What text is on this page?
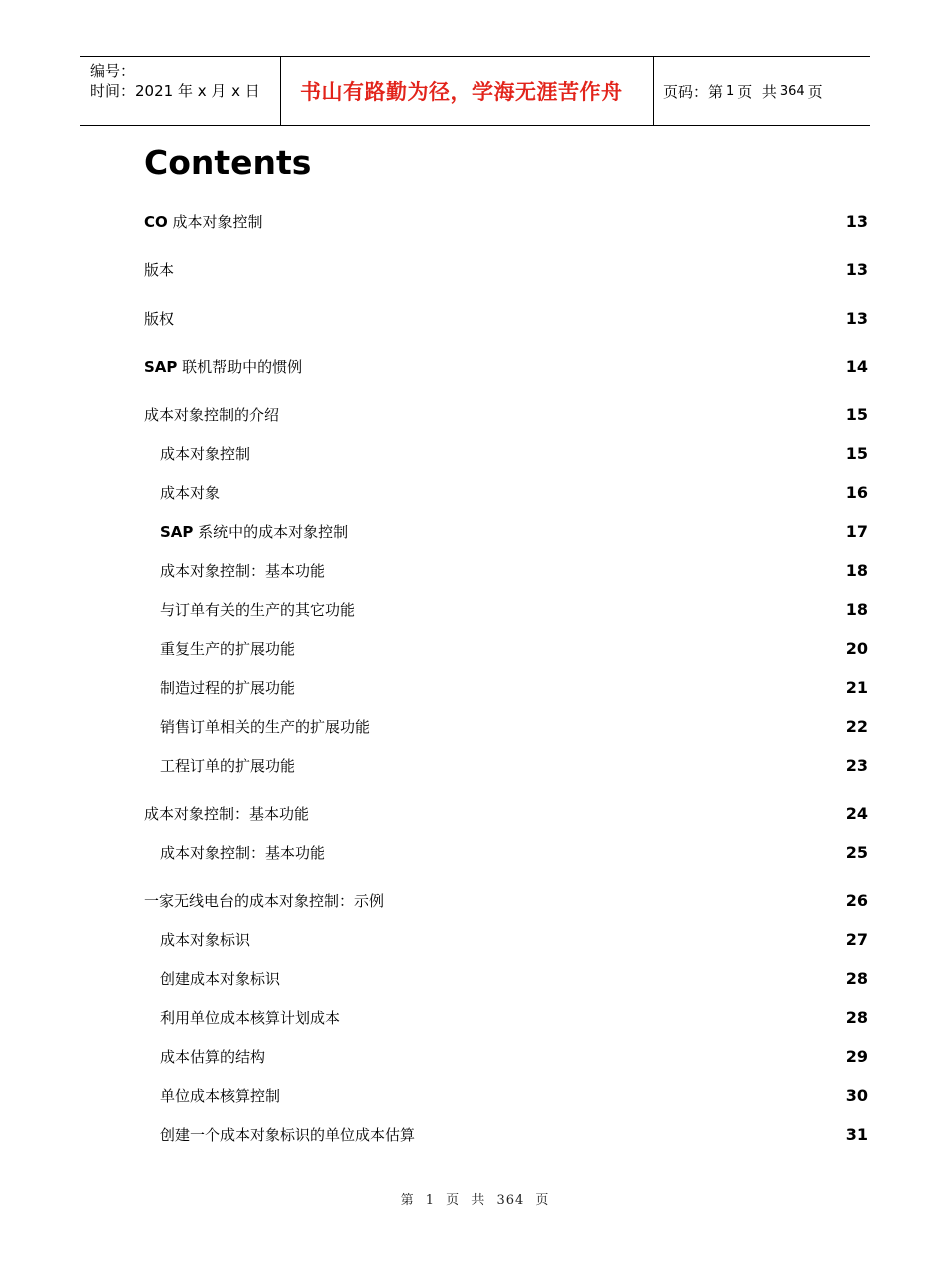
编号：
时间：2021 年 x 月 x 日	书山有路勤为径，学海无涯苦作舟	页码：第 1 页  共 364 页
Contents
CO 成本对象控制	13
版本	13
版权	13
SAP 联机帮助中的惯例	14
成本对象控制的介绍	15
成本对象控制	15
成本对象	16
SAP 系统中的成本对象控制	17
成本对象控制：基本功能	18
与订单有关的生产的其它功能	18
重复生产的扩展功能	20
制造过程的扩展功能	21
销售订单相关的生产的扩展功能	22
工程订单的扩展功能	23
成本对象控制：基本功能	24
成本对象控制：基本功能	25
一家无线电台的成本对象控制：示例	26
成本对象标识	27
创建成本对象标识	28
利用单位成本核算计划成本	28
成本估算的结构	29
单位成本核算控制	30
创建一个成本对象标识的单位成本估算	31
第 1 页 共 364 页
